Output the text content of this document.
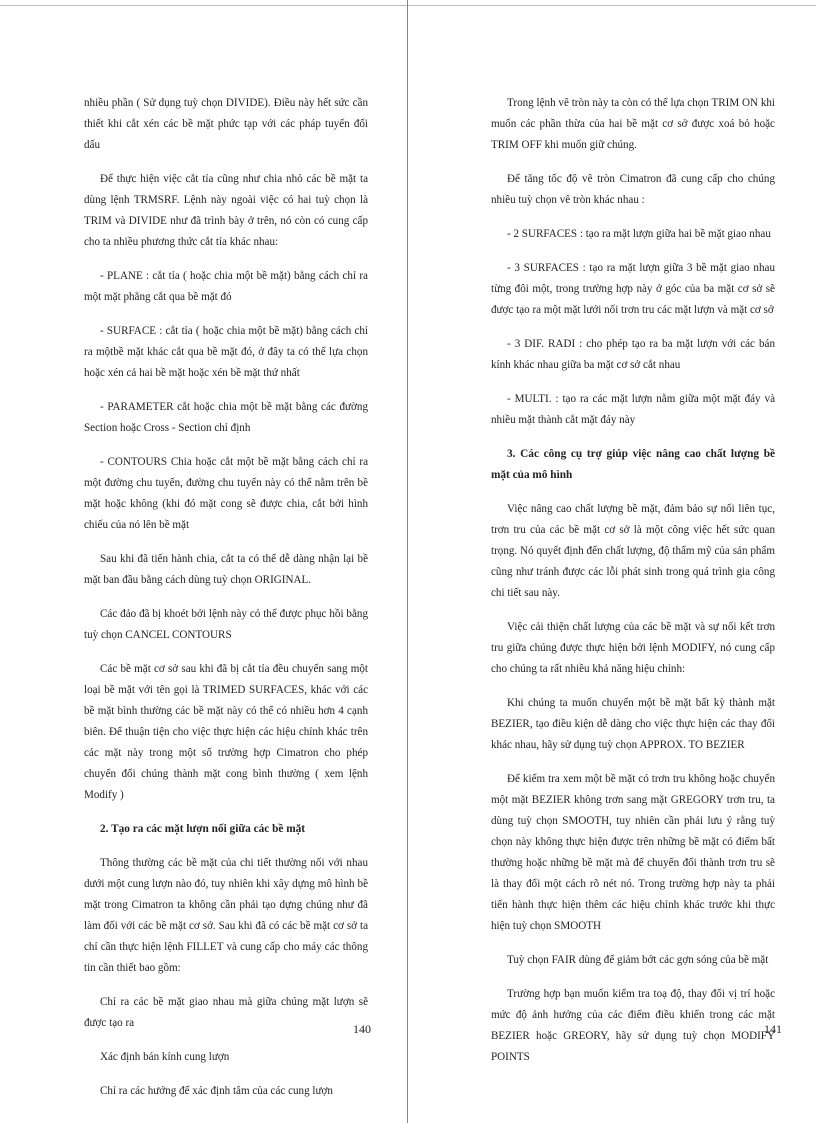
nhiều phần ( Sử dụng tuỳ chọn DIVIDE). Điều này hết sức cần thiết khi cắt xén các bề mặt phức tạp với các pháp tuyến đổi dấu

Để thực hiện việc cắt tỉa cũng như chia nhỏ các bề mặt ta dùng lệnh TRMSRF. Lệnh này ngoài việc có hai tuỳ chọn là TRIM và DIVIDE như đã trình bày ở trên, nó còn có cung cấp cho ta nhiều phương thức cắt tỉa khác nhau:

- PLANE : cắt tỉa ( hoặc chia một bề mặt) bằng cách chỉ ra một mặt phẳng cắt qua bề mặt đó

- SURFACE : cắt tỉa ( hoặc chia một bề mặt) bằng cách chỉ ra mộtbề mặt khác cắt qua bề mặt đó, ở đây ta có thể lựa chọn hoặc xén cả hai bề mặt hoặc xén bề mặt thứ nhất

- PARAMETER cắt hoặc chia một bề mặt bằng các đường Section hoặc Cross - Section chỉ định

- CONTOURS Chia hoặc cắt một bề mặt bằng cách chỉ ra một đường chu tuyến, đường chu tuyến này có thể nằm trên bề mặt hoặc không (khi đó mặt cong sẽ được chia, cắt bởi hình chiếu của nó lên bề mặt

Sau khi đã tiến hành chia, cắt ta có thể dễ dàng nhận lại bề mặt ban đầu bằng cách dùng tuỳ chọn ORIGINAL.

Các đảo đã bị khoét bởi lệnh này có thể được phục hồi bằng tuỳ chọn CANCEL CONTOURS

Các bề mặt cơ sở sau khi đã bị cắt tỉa đều chuyển sang một loại bề mặt với tên gọi là TRIMED SURFACES, khác với các bề mặt bình thường các bề mặt này có thể có nhiều hơn 4 cạnh biên. Để thuận tiện cho việc thực hiện các hiệu chỉnh khác trên các mặt này trong một số trường hợp Cimatron cho phép chuyển đổi chúng thành mặt cong bình thường ( xem lệnh Modify )

2. Tạo ra các mặt lượn nối giữa các bề mặt

Thông thường các bề mặt của chi tiết thường nối với nhau dưới một cung lượn nào đó, tuy nhiên khi xây dựng mô hình bề mặt trong Cimatron ta không cần phải tạo dựng chúng như đã làm đối với các bề mặt cơ sở. Sau khi đã có các bề mặt cơ sở ta chỉ cần thực hiện lệnh FILLET và cung cấp cho máy các thông tin cần thiết bao gồm:

Chỉ ra các bề mặt giao nhau mà giữa chúng mặt lượn sẽ được tạo ra

Xác định bán kính cung lượn

Chỉ ra các hướng để xác định tâm của các cung lượn

140

Trong lệnh vê tròn này ta còn có thể lựa chọn TRIM ON khi muốn các phần thừa của hai bề mặt cơ sở được xoá bỏ hoặc TRIM OFF khi muốn giữ chúng.

Để tăng tốc độ vê tròn Cimatron đã cung cấp cho chúng nhiều tuỳ chọn vê tròn khác nhau :

- 2 SURFACES : tạo ra mặt lượn giữa hai bề mặt giao nhau

- 3 SURFACES : tạo ra mặt lượn giữa 3 bề mặt giao nhau từng đôi một, trong trường hợp này ở góc của ba mặt cơ sở sẽ được tạo ra một mặt lưới nối trơn tru các mặt lượn và mặt cơ sở

- 3 DIF. RADI : cho phép tạo ra ba mặt lượn với các bán kính khác nhau giữa ba mặt cơ sở cắt nhau

- MULTI. : tạo ra các mặt lượn nằm giữa một mặt đáy và nhiều mặt thành cắt mặt đáy này

3. Các công cụ trợ giúp việc nâng cao chất lượng bề mặt của mô hình

Việc nâng cao chất lượng bề mặt, đảm bảo sự nối liên tục, trơn tru của các bề mặt cơ sở là một công việc hết sức quan trọng. Nó quyết định đến chất lượng, độ thẩm mỹ của sản phẩm cũng như tránh được các lỗi phát sinh trong quá trình gia công chi tiết sau này.

Việc cải thiện chất lượng của các bề mặt và sự nối kết trơn tru giữa chúng được thực hiện bởi lệnh MODIFY, nó cung cấp cho chúng ta rất nhiều khả năng hiệu chỉnh:

Khi chúng ta muốn chuyển một bề mặt bất kỳ thành mặt BEZIER, tạo điều kiện dễ dàng cho việc thực hiện các thay đổi khác nhau, hãy sử dụng tuỳ chọn APPROX. TO BEZIER

Để kiểm tra xem một bề mặt có trơn tru không hoặc chuyển một mặt BEZIER không trơn sang mặt GREGORY trơn tru, ta dùng tuỳ chọn SMOOTH, tuy nhiên cần phải lưu ý rằng tuỳ chọn này không thực hiện được trên những bề mặt có điểm bất thường hoặc những bề mặt mà để chuyển đổi thành trơn tru sẽ là thay đổi một cách rõ nét nó. Trong trường hợp này ta phải tiến hành thực hiện thêm các hiệu chỉnh khác trước khi thực hiện tuỳ chọn SMOOTH

Tuỳ chọn FAIR dùng để giảm bớt các gợn sóng của bề mặt

Trường hợp bạn muốn kiểm tra toạ độ, thay đổi vị trí hoặc mức độ ảnh hưởng của các điểm điều khiển trong các mặt BEZIER hoặc GREORY, hãy sử dụng tuỳ chọn MODIFY POINTS

141
